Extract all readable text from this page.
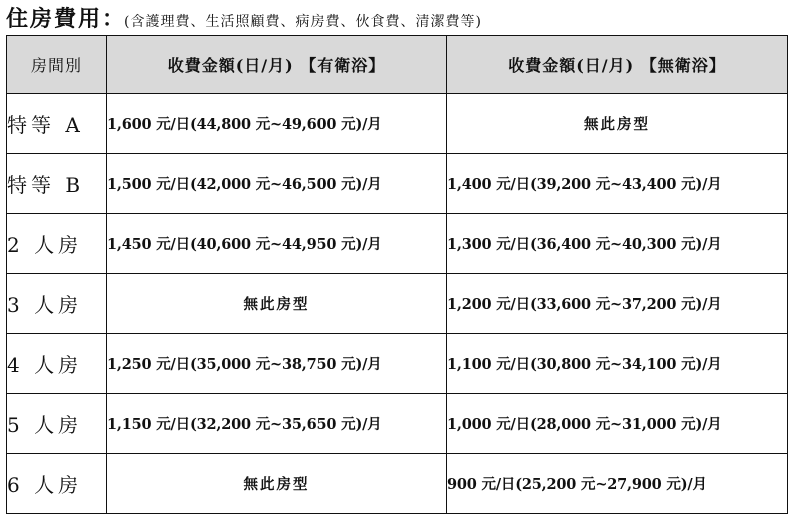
住房費用：(含護理費、生活照顧費、病房費、伙食費、清潔費等)
房間別	收費金額(日/月) 【有衛浴】	收費金額(日/月) 【無衛浴】
特等 A	1,600 元/日(44,800 元~49,600 元)/月	無此房型
特等 B	1,500 元/日(42,000 元~46,500 元)/月	1,400 元/日(39,200 元~43,400 元)/月
2 人房	1,450 元/日(40,600 元~44,950 元)/月	1,300 元/日(36,400 元~40,300 元)/月
3 人房	無此房型	1,200 元/日(33,600 元~37,200 元)/月
4 人房	1,250 元/日(35,000 元~38,750 元)/月	1,100 元/日(30,800 元~34,100 元)/月
5 人房	1,150 元/日(32,200 元~35,650 元)/月	1,000 元/日(28,000 元~31,000 元)/月
6 人房	無此房型	900 元/日(25,200 元~27,900 元)/月
